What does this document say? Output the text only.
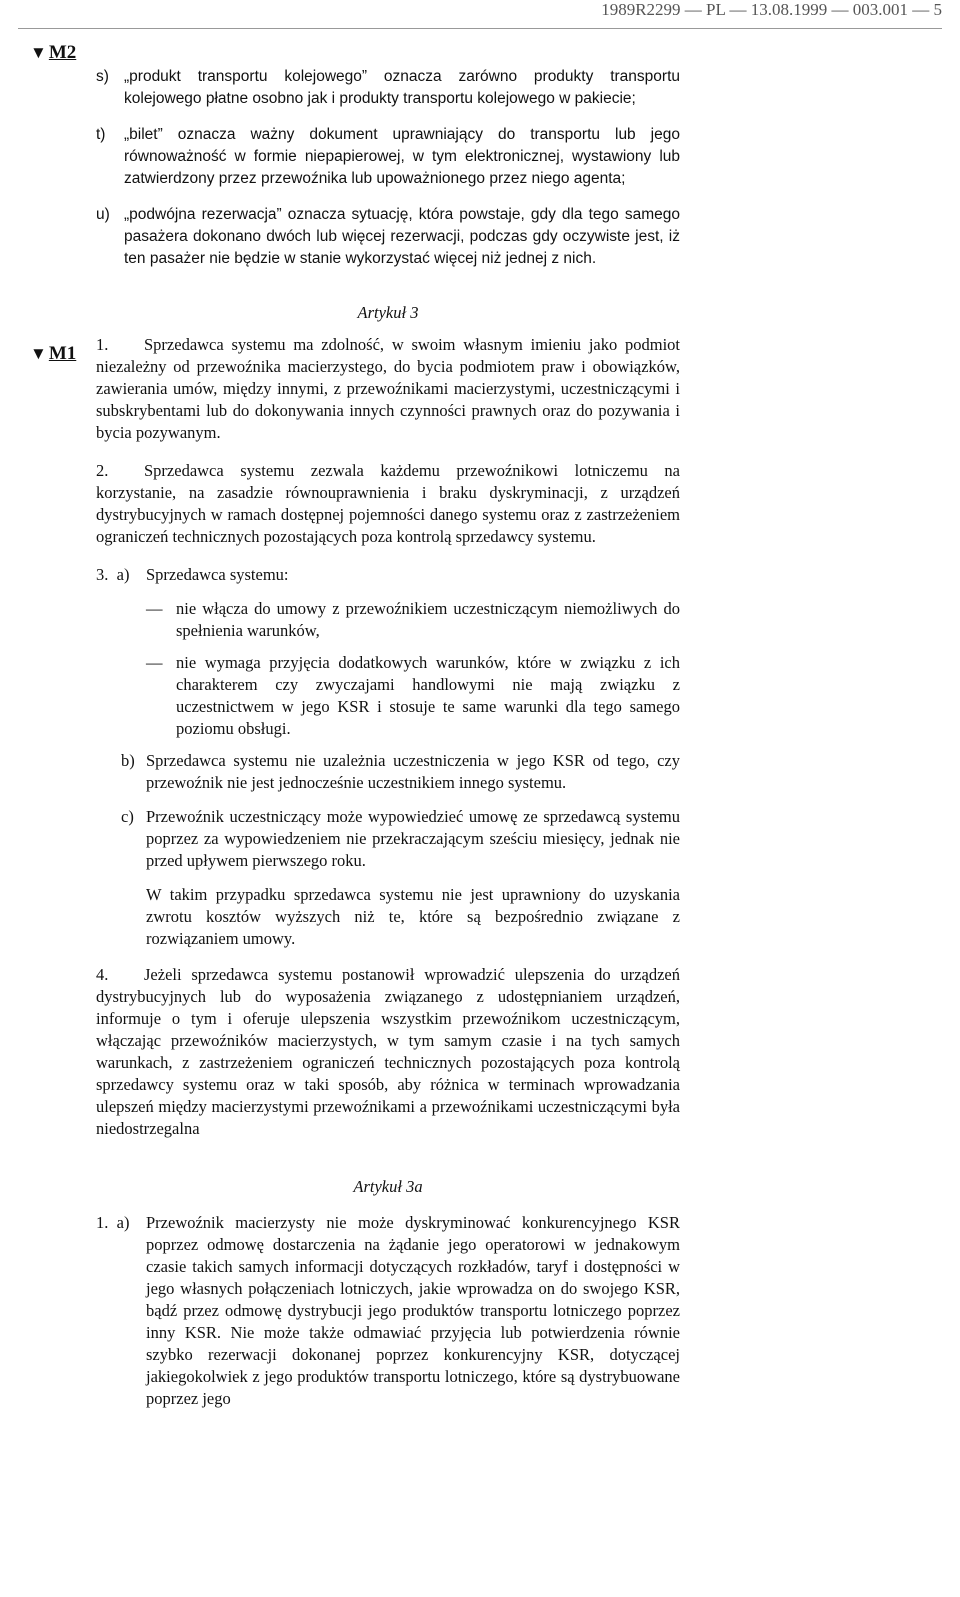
1989R2299 — PL — 13.08.1999 — 003.001 — 5
▼ M2
▼ M1
s) „produkt transportu kolejowego” oznacza zarówno produkty transportu kolejowego płatne osobno jak i produkty transportu kolejowego w pakiecie;
t)	„bilet” oznacza ważny dokument uprawniający do transportu lub jego równoważność w formie niepapierowej, w tym elektronicznej, wystawiony lub zatwierdzony przez przewoźnika lub upoważnionego przez niego agenta;
u) „podwójna rezerwacja” oznacza sytuację, która powstaje, gdy dla tego samego pasażera dokonano dwóch lub więcej rezerwacji, podczas gdy oczywiste jest, iż ten pasażer nie będzie w stanie wykorzystać więcej niż jednej z nich.

Artykuł 3

1. Sprzedawca systemu ma zdolność, w swoim własnym imieniu jako podmiot niezależny od przewoźnika macierzystego, do bycia podmiotem praw i obowiązków, zawierania umów, między innymi, z przewoźnikami macierzystymi, uczestniczącymi i subskrybentami lub do dokonywania innych czynności prawnych oraz do pozywania i bycia pozywanym.

2. Sprzedawca systemu zezwala każdemu przewoźnikowi lotniczemu na korzystanie, na zasadzie równouprawnienia i braku dyskryminacji, z urządzeń dystrybucyjnych w ramach dostępnej pojemności danego systemu oraz z zastrzeżeniem ograniczeń technicznych pozostających poza kontrolą sprzedawcy systemu.

3. a)	Sprzedawca systemu:
— nie włącza do umowy z przewoźnikiem uczestniczącym niemożliwych do spełnienia warunków,
— nie wymaga przyjęcia dodatkowych warunków, które w związku z ich charakterem czy zwyczajami handlowymi nie mają związku z uczestnictwem w jego KSR i stosuje te same warunki dla tego samego poziomu obsługi.
b) Sprzedawca systemu nie uzależnia uczestniczenia w jego KSR od tego, czy przewoźnik nie jest jednocześnie uczestnikiem innego systemu.
c) Przewoźnik uczestniczący może wypowiedzieć umowę ze sprzedawcą systemu poprzez za wypowiedzeniem nie przekraczającym sześciu miesięcy, jednak nie przed upływem pierwszego roku.
W takim przypadku sprzedawca systemu nie jest uprawniony do uzyskania zwrotu kosztów wyższych niż te, które są bezpośrednio związane z rozwiązaniem umowy.

4. Jeżeli sprzedawca systemu postanowił wprowadzić ulepszenia do urządzeń dystrybucyjnych lub do wyposażenia związanego z udostępnianiem urządzeń, informuje o tym i oferuje ulepszenia wszystkim przewoźnikom uczestniczącym, włączając przewoźników macierzystych, w tym samym czasie i na tych samych warunkach, z zastrzeżeniem ograniczeń technicznych pozostających poza kontrolą sprzedawcy systemu oraz w taki sposób, aby różnica w terminach wprowadzania ulepszeń między macierzystymi przewoźnikami a przewoźnikami uczestniczącymi była niedostrzegalna

Artykuł 3a

1. a)	Przewoźnik macierzysty nie może dyskryminować konkurencyjnego KSR poprzez odmowę dostarczenia na żądanie jego operatorowi w jednakowym czasie takich samych informacji dotyczących rozkładów, taryf i dostępności w jego własnych połączeniach lotniczych, jakie wprowadza on do swojego KSR, bądź przez odmowę dystrybucji jego produktów transportu lotniczego poprzez inny KSR. Nie może także odmawiać przyjęcia lub potwierdzenia równie szybko rezerwacji dokonanej poprzez konkurencyjny KSR, dotyczącej jakiegokolwiek z jego produktów transportu lotniczego, które są dystrybuowane poprzez jego
